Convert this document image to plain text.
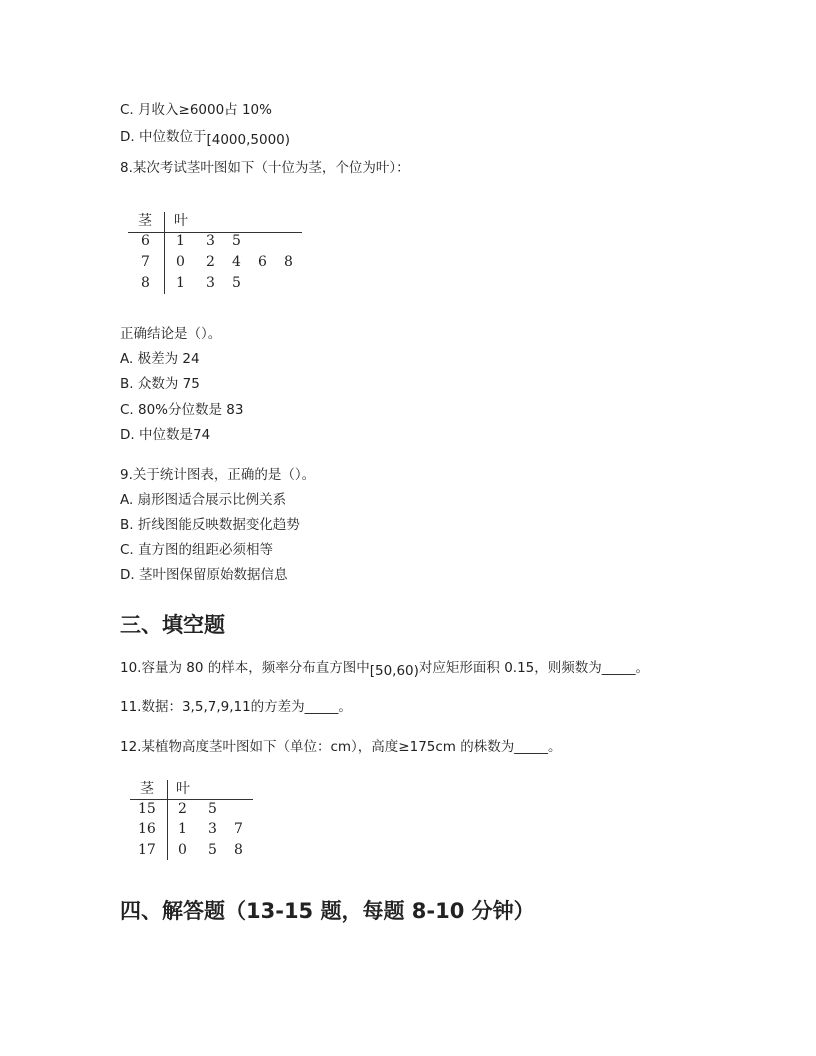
C. 月收入≥6000占 10%
D. 中位数位于[4000,5000)
8.某次考试茎叶图如下（十位为茎，个位为叶）：
茎 叶
6 1 3 5
7 0 2 4 6 8
8 1 3 5
正确结论是（）。
A. 极差为 24
B. 众数为 75
C. 80%分位数是 83
D. 中位数是74
9.关于统计图表，正确的是（）。
A. 扇形图适合展示比例关系
B. 折线图能反映数据变化趋势
C. 直方图的组距必须相等
D. 茎叶图保留原始数据信息
三、填空题
10.容量为 80 的样本，频率分布直方图中[50,60)对应矩形面积 0.15，则频数为_____。
11.数据：3,5,7,9,11的方差为_____。
12.某植物高度茎叶图如下（单位：cm），高度≥175cm 的株数为_____。
茎 叶
15 2 5
16 1 3 7
17 0 5 8
四、解答题（13-15 题，每题 8-10 分钟）
